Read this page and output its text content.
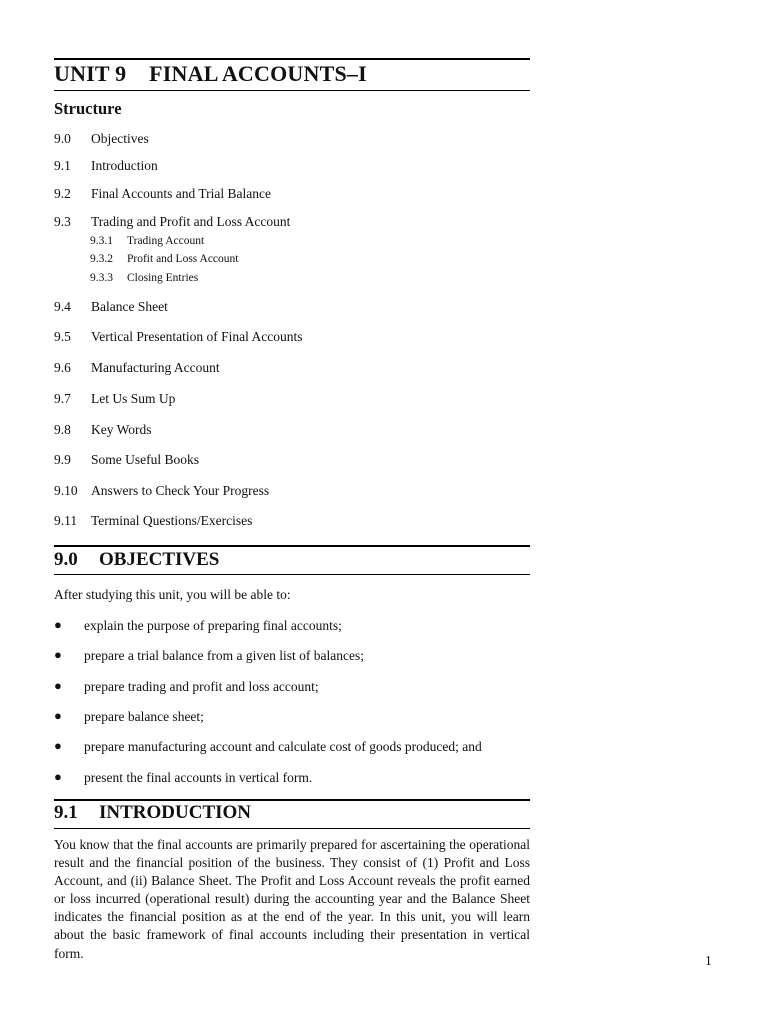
UNIT 9    FINAL ACCOUNTS–I
Structure
9.0 Objectives
9.1 Introduction
9.2 Final Accounts and Trial Balance
9.3 Trading and Profit and Loss Account
9.3.1 Trading Account
9.3.2 Profit and Loss Account
9.3.3 Closing Entries
9.4 Balance Sheet
9.5 Vertical Presentation of Final Accounts
9.6 Manufacturing Account
9.7 Let Us Sum Up
9.8 Key Words
9.9 Some Useful Books
9.10 Answers to Check Your Progress
9.11 Terminal Questions/Exercises
9.0 OBJECTIVES
After studying this unit, you will be able to:
● explain the purpose of preparing final accounts;
● prepare a trial balance from a given list of balances;
● prepare trading and profit and loss account;
● prepare balance sheet;
● prepare manufacturing account and calculate cost of goods produced; and
● present the final accounts in vertical form.
9.1 INTRODUCTION

You know that the final accounts are primarily prepared for ascertaining the operational result and the financial position of the business. They consist of (1) Profit and Loss Account, and (ii) Balance Sheet. The Profit and Loss Account reveals the profit earned or loss incurred (operational result) during the accounting year and the Balance Sheet indicates the financial position as at the end of the year. In this unit, you will learn about the basic framework of final accounts including their presentation in vertical form.	1
